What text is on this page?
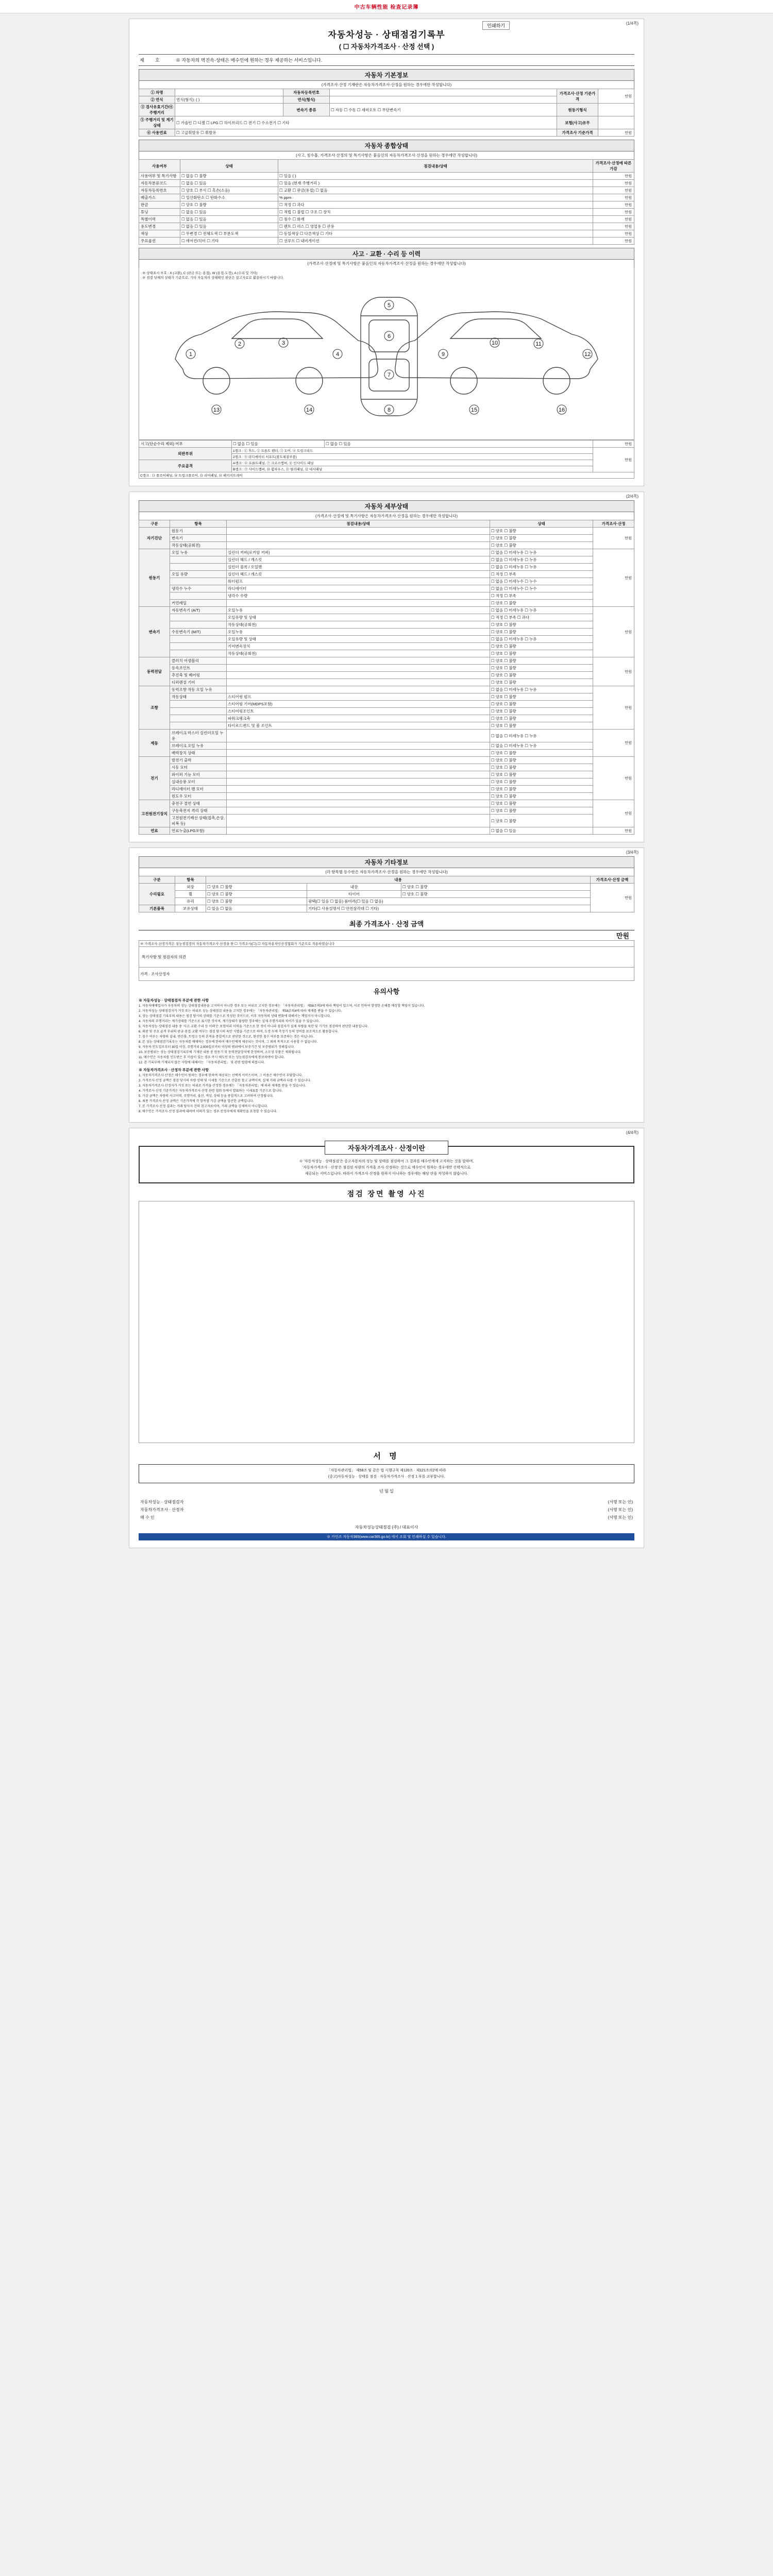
中古车辆性能 检查记录簿
인쇄하기	(1/4쪽)
자동차성능 · 상태점검기록부
( ☐ 자동차가격조사 · 산정 선택 )
제	호	※ 자동차의 멱진속·상태은 매수인에 원하는 경우 제공하는 서비스입니다.
자동차 기본정보
(가격조사·산정 기재란은 자동차가격조사·산정을 원하는 경우에만 작성합니다)
① 차명		자동차등록번호		가격조사·산정 기준가격	만원
② 연식	연식(형식): ( )	연식(형식)			
③ 검사유효기간/④ 주행거리		변속기 종류	☐ 자동 ☐ 수동 ☐ 세미오토 ☐ 무단변속기	원동기형식	
⑤ 주행거리 및 계기상태	☐ 가솔린 ☐ 디젤 ☐ LPG ☐ 하이브리드 ☐ 전기 ☐ 수소전기 ☐ 기타			보험(사고)유무	
⑥ 사용연료	☐ 고급휘발유 ☐ 휘발유			가격조사 기준가격	만원
자동차 종합상태
(사고, 침수흡, 가격조사·산정의 및 특기사항은 붙음인의 자동차가격조사·산정을 원하는 경우에만 작성합니다)
사용여부	상태	점검내용/상태	가격조사·산정에 따른 가감
사용여부 및 특기사항	☐ 없음 ☐ 불량	☐ 있음 ( )	만원
자동차분류코드	☐ 없음 ☐ 있음	☐ 있음 (현재 주행거리 )	만원
자동차등록번호	☐ 양호 ☐ 부식 ☐ 혹손(소음)	☐ 교환 ☐ 판금(용접) ☐ 없음	만원
배출가스	☐ 일산화탄소 ☐ 탄화수소	% ppm ·	만원
판금	☐ 양호 ☐ 불량	☐ 적정 ☐ 과다	만원
튜닝	☐ 없음 ☐ 있음	☐ 적법 ☐ 불법 ☐ 구조 ☐ 장치	만원
특별이력	☐ 없음 ☐ 있음	☐ 침수 ☐ 화재	만원
용도변경	☐ 없음 ☐ 있음	☐ 렌트 ☐ 리스 ☐ 영업용 ☐ 관용	만원
색상	☐ 무변경 ☐ 전체도색 ☐ 부분도색	☐ 동일색상 ☐ 다른색상 ☐ 기타	만원
주요옵션	☐ 에어컨/히터 ☐ 기타	☐ 선루프 ☐ 내비게이션	만원
사고 · 교환 · 수리 등 이력
(가격조사·산정에 및 특기사항은 붙음인의 자동차가격조사·산정을 원하는 경우에만 작성합니다)
※ 상태표시 부호 : X (교환), C (판금 또는 용접), W (용접·도장), A (수리 및 기타)
※ 점검 당해의 상태가 기준으로, 기타 자동차의 상태확인 판단은 참고자료로 활용하시기 바랍니다.
1
2	3
4
5
6
7
8
9
10	11
12
13	14	15	16
시고(단순수리 제외) 여부	☐ 없음 ☐ 있음	☐ 없음 ☐ 있음	만원
외판부위	1랭크 : ① 후드, ② 프론트 펜더, ③ 도어, ④ 트렁크리드		만원
	2랭크 : ⑤ 라디에이터 서포트(볼트체결부품)		
주요골격	A랭크 : ⑥ 프론트패널, ⑦ 크로스멤버, ⑧ 인사이드 패널		
	B랭크 : ⑨ 사이드멤버, ⑩ 휠하우스, ⑪ 필러패널, ⑫ 대시패널		
C랭크 : ⑬ 플로어패널, ⑭ 트렁크플로어, ⑮ 리어패널, ⑯ 패키지트레이			
(2/4쪽)
자동차 세부상태
(가격조사·산정에 및 특기사항은 자동차가격조사·산정을 원하는 경우에만 작성합니다)
구분	항목	점검내용/상태	상태	가격조사·산정
자기진단	원동기		☐ 양호 ☐ 불량	만원
	변속기		☐ 양호 ☐ 불량	
	작동상태(공회전)		☐ 양호 ☐ 불량	
원동기	오일 누유	실린더 커버(로커암 커버)	☐ 없음 ☐ 미세누유 ☐ 누유	만원
		실린더 헤드 / 개스킷	☐ 없음 ☐ 미세누유 ☐ 누유	
		실린더 블록 / 오일팬	☐ 없음 ☐ 미세누유 ☐ 누유	
	오일 유량	실린더 헤드 / 개스킷	☐ 적정 ☐ 부족	
		워터펌프	☐ 없음 ☐ 미세누수 ☐ 누수	
	냉각수 누수	라디에이터	☐ 없음 ☐ 미세누수 ☐ 누수	
		냉각수 수량	☐ 적정 ☐ 부족	
	커먼레일		☐ 양호 ☐ 불량	
변속기	자동변속기 (A/T)	오일누유	☐ 없음 ☐ 미세누유 ☐ 누유	만원
		오일유량 및 상태	☐ 적정 ☐ 부족 ☐ 과다	
		작동상태(공회전)	☐ 양호 ☐ 불량	
	수동변속기 (M/T)	오일누유	☐ 양호 ☐ 불량	
		오일유량 및 상태	☐ 없음 ☐ 미세누유 ☐ 누유	
		기어변속장치	☐ 양호 ☐ 불량	
		작동상태(공회전)	☐ 양호 ☐ 불량	
동력전달	클러치 어셈블리		☐ 양호 ☐ 불량	만원
	등속조인트		☐ 양호 ☐ 불량	
	추진축 및 베어링		☐ 양호 ☐ 불량	
	디퍼렌셜 기어		☐ 양호 ☐ 불량	
조향	동력조향 작동 오일 누유		☐ 없음 ☐ 미세누유 ☐ 누유	만원
	작동상태	스티어링 펌프	☐ 양호 ☐ 불량	
		스티어링 기어(MDPS포함)	☐ 양호 ☐ 불량	
		스티어링조인트	☐ 양호 ☐ 불량	
		파워크랭크축	☐ 양호 ☐ 불량	
		타이로드엔드 및 볼 조인트	☐ 양호 ☐ 불량	
제동	브레이크 마스터 실린더오일 누유		☐ 없음 ☐ 미세누유 ☐ 누유	만원
	브레이크 오일 누유		☐ 없음 ☐ 미세누유 ☐ 누유	
	배력장치 상태		☐ 양호 ☐ 불량	
전기	발전기 출력		☐ 양호 ☐ 불량	만원
	시동 모터		☐ 양호 ☐ 불량	
	와이퍼 기능 모터		☐ 양호 ☐ 불량	
	실내송풍 모터		☐ 양호 ☐ 불량	
	라디에이터 팬 모터		☐ 양호 ☐ 불량	
	윈도우 모터		☐ 양호 ☐ 불량	
고전원전기장치	충전구 절연 상태		☐ 양호 ☐ 불량	만원
	구동축전지 격리 상태		☐ 양호 ☐ 불량	
	고전원전기배선 상태(접촉,손상,피복 등)		☐ 양호 ☐ 불량	
연료	연료누출(LPG포함)		☐ 없음 ☐ 있음	만원
(3/4쪽)
자동차 기타정보
(각 항목별 등수란은 자동차가격조사·산정을 원하는 경우에만 작성합니다)
구분	항목	내용			가격조사·산정 금액
수리필요	외장	☐ 양호 ☐ 불량	내장	☐ 양호 ☐ 불량	만원
	휠	☐ 양호 ☐ 불량	타이어	☐ 양호 ☐ 불량	
	유리	☐ 양호 ☐ 불량	광택(☐ 있음 ☐ 없음) 룸미러(☐ 있음 ☐ 없음)		
기본품목	보유상태	☐ 있음 ☐ 없음	기타(☐ 사용설명서 ☐ 안전삼각대 ☐ 기타)		
최종 가격조사 · 산정 금액
만원
※ 가격조사·산정가격은 성능점검장의 자동차가격조사·산정을 한 ☐ 가격조사(☐) ☐ 자동차용차인산정협회가 기준으로 적용하였습니다
특기사항 및 점검자의 의견
가격 · 조사산정자
유의사항

※ 자동차성능 · 상태점검자 부분에 관한 사항

1. 자동차매매업자가 자동차의 성능·상태점검내용을 고지하지 아니한 경우 또는 허위로 고지한 경우에는 「자동차관리법」 제58조의3에 따라 책임이 있으며, 이로 인하여 발생한 손해를 배상할 책임이 있습니다.

2. 자동차성능·상태점검자가 거짓 또는 허위로 성능·상태점검 내용을 고지한 경우에는 「자동차관리법」 제58조의4에 따라 제재를 받을 수 있습니다.

3. 성능·상태점검 기록부의 내용은 점검 당시의 상태를 기준으로 작성된 것이므로, 이후 자동차의 상태 변화에 대해서는 책임지지 아니합니다.

4. 자동차의 주행거리는 계기상태를 기준으로 표시한 것이며, 계기상태가 불량한 경우에는 실제 주행거리와 차이가 있을 수 있습니다.

5. 자동차성능·상태점검 내용 중 '사고·교환·수리 등 이력'은 보험처리 이력을 기준으로 한 것이 아니라 점검자가 실제 차량을 육안 및 기기로 점검하여 판단한 내용입니다.

6. 외판 및 주요 골격 부위의 판금·용접·교환 여부는 점검 당시의 육안 식별을 기준으로 하며, 도장 두께 측정기 등의 장비를 보조적으로 활용합니다.

7. 침수 여부는 차량의 실내, 엔진룸, 트렁크 등의 흔적을 종합적으로 판단한 것으로, 완전한 침수 여부를 보증하는 것은 아닙니다.

8. 본 성능·상태점검기록부는 자동차를 매매하는 경우에 한하여 매수인에게 제공되는 것이며, 그 외의 목적으로 사용할 수 없습니다.

9. 자동차 인도일로부터 30일 이상, 주행거리 2,000킬로미터 이상의 범위에서 보증기간 및 보증범위가 정해집니다.

10. 보증범위는 성능·상태점검기록부에 기재된 내용 중 원동기 및 동력전달장치에 한정하며, 소모성 부품은 제외됩니다.

11. 매수인은 자동차를 인도받은 후 이상이 있는 경우 즉시 매도인 또는 성능점검자에게 통보하여야 합니다.

12. 본 기록부에 기재되지 않은 사항에 대해서는 「자동차관리법」 및 관련 법령에 따릅니다.

※ 자동차가격조사 · 산정자 부분에 관한 사항

1. 자동차가격조사·산정은 매수인이 원하는 경우에 한하여 제공되는 선택적 서비스이며, 그 비용은 매수인이 부담합니다.

2. 가격조사·산정 금액은 점검 당시의 차량 상태 및 시세를 기준으로 산출된 참고 금액이며, 실제 거래 금액과 다를 수 있습니다.

3. 자동차가격조사·산정자가 거짓 또는 허위로 가격을 산정한 경우에는 「자동차관리법」에 따라 제재를 받을 수 있습니다.

4. 가격조사·산정 기준가격은 자동차가격조사·산정 관련 협회 등에서 발표하는 시세표를 기준으로 합니다.

5. 가감 금액은 차량의 사고이력, 주행거리, 옵션, 색상, 상태 등을 종합적으로 고려하여 산정됩니다.

6. 최종 가격조사·산정 금액은 기준가격에 각 항목별 가감 금액을 합산한 금액입니다.

7. 본 가격조사·산정 결과는 거래 당사자 간의 참고자료이며, 거래 금액을 강제하지 아니합니다.

8. 매수인은 가격조사·산정 결과에 대하여 이의가 있는 경우 산정자에게 재확인을 요청할 수 있습니다.

(4/4쪽)
자동차가격조사 · 산정이란
※ '자동차성능 · 상태점검'은 중고자동차의 성능 및 상태를 점검하여 그 결과를 매수인에게 고지하는 것을 말하며,
'자동차가격조사 · 산정'은 점검된 차량의 가격을 조사·산정하는 것으로 매수인이 원하는 경우에만 선택적으로
제공되는 서비스입니다. 따라서 가격조사·산정을 원하지 아니하는 경우에는 해당 란을 작성하지 않습니다.
점검 장면 촬영 사진
서 명
「자동차관리법」 제58조 및 같은 법 시행규칙 제120조 · 제121조의2에 따라
(중고)자동차성능 · 상태를 점검 · 자동차가격조사 · 산정 1 부를 교부합니다.
년 월 일
자동차성능 · 상태점검자		(서명 또는 인)
자동차가격조사 · 산정자		(서명 또는 인)
매 수 인		(서명 또는 인)
자동차성능상태점검 (주) / 대표이사		
※ 카인즈 자동차365(www.car365.go.kr) 에서 조회 및 인쇄하실 수 있습니다.
